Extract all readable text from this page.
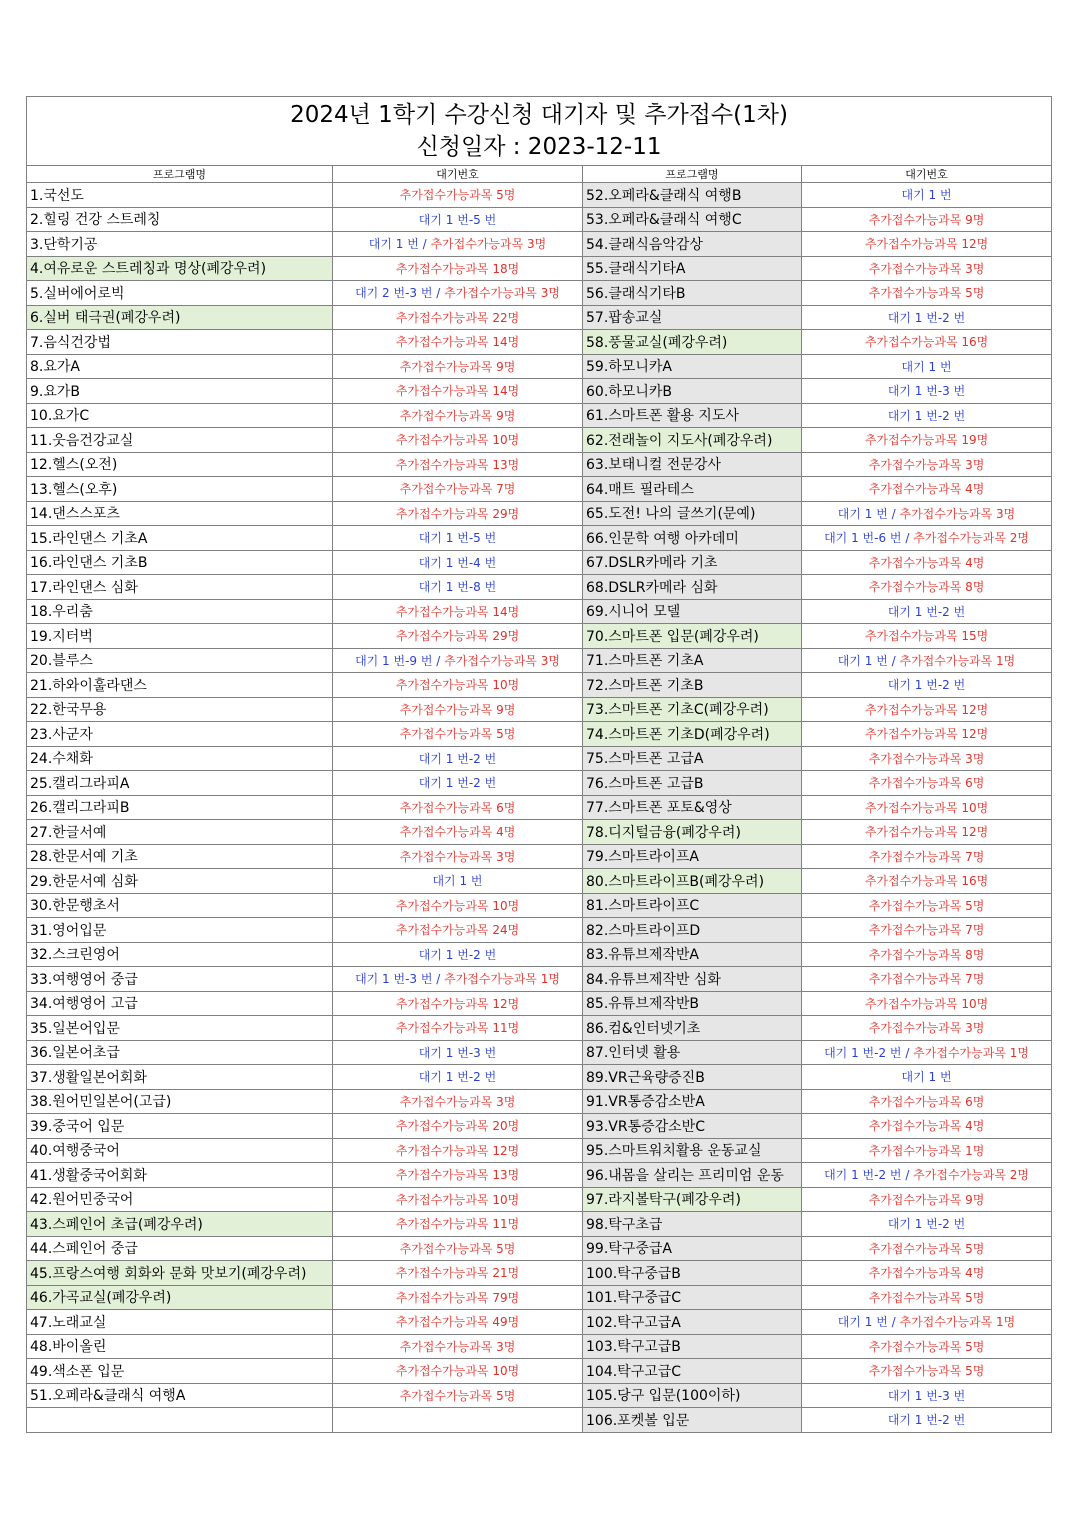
2024년 1학기 수강신청 대기자 및 추가접수(1차)
신청일자 : 2023-12-11			

프로그램명	대기번호	프로그램명	대기번호
1.국선도	추가접수가능과목 5명	52.오페라&클래식 여행B	대기 1 번
2.힐링 건강 스트레칭	대기 1 번-5 번	53.오페라&클래식 여행C	추가접수가능과목 9명
3.단학기공	대기 1 번 / 추가접수가능과목 3명	54.클래식음악감상	추가접수가능과목 12명
4.여유로운 스트레칭과 명상(폐강우려)	추가접수가능과목 18명	55.클래식기타A	추가접수가능과목 3명
5.실버에어로빅	대기 2 번-3 번 / 추가접수가능과목 3명	56.클래식기타B	추가접수가능과목 5명
6.실버 태극권(폐강우려)	추가접수가능과목 22명	57.팝송교실	대기 1 번-2 번
7.음식건강법	추가접수가능과목 14명	58.풍물교실(폐강우려)	추가접수가능과목 16명
8.요가A	추가접수가능과목 9명	59.하모니카A	대기 1 번
9.요가B	추가접수가능과목 14명	60.하모니카B	대기 1 번-3 번
10.요가C	추가접수가능과목 9명	61.스마트폰 활용 지도사	대기 1 번-2 번
11.웃음건강교실	추가접수가능과목 10명	62.전래놀이 지도사(폐강우려)	추가접수가능과목 19명
12.헬스(오전)	추가접수가능과목 13명	63.보태니컬 전문강사	추가접수가능과목 3명
13.헬스(오후)	추가접수가능과목 7명	64.매트 필라테스	추가접수가능과목 4명
14.댄스스포츠	추가접수가능과목 29명	65.도전! 나의 글쓰기(문예)	대기 1 번 / 추가접수가능과목 3명
15.라인댄스 기초A	대기 1 번-5 번	66.인문학 여행 아카데미	대기 1 번-6 번 / 추가접수가능과목 2명
16.라인댄스 기초B	대기 1 번-4 번	67.DSLR카메라 기초	추가접수가능과목 4명
17.라인댄스 심화	대기 1 번-8 번	68.DSLR카메라 심화	추가접수가능과목 8명
18.우리춤	추가접수가능과목 14명	69.시니어 모델	대기 1 번-2 번
19.지터벅	추가접수가능과목 29명	70.스마트폰 입문(폐강우려)	추가접수가능과목 15명
20.블루스	대기 1 번-9 번 / 추가접수가능과목 3명	71.스마트폰 기초A	대기 1 번 / 추가접수가능과목 1명
21.하와이훌라댄스	추가접수가능과목 10명	72.스마트폰 기초B	대기 1 번-2 번
22.한국무용	추가접수가능과목 9명	73.스마트폰 기초C(폐강우려)	추가접수가능과목 12명
23.사군자	추가접수가능과목 5명	74.스마트폰 기초D(폐강우려)	추가접수가능과목 12명
24.수채화	대기 1 번-2 번	75.스마트폰 고급A	추가접수가능과목 3명
25.캘리그라피A	대기 1 번-2 번	76.스마트폰 고급B	추가접수가능과목 6명
26.캘리그라피B	추가접수가능과목 6명	77.스마트폰 포토&영상	추가접수가능과목 10명
27.한글서예	추가접수가능과목 4명	78.디지털금융(폐강우려)	추가접수가능과목 12명
28.한문서예 기초	추가접수가능과목 3명	79.스마트라이프A	추가접수가능과목 7명
29.한문서예 심화	대기 1 번	80.스마트라이프B(폐강우려)	추가접수가능과목 16명
30.한문행초서	추가접수가능과목 10명	81.스마트라이프C	추가접수가능과목 5명
31.영어입문	추가접수가능과목 24명	82.스마트라이프D	추가접수가능과목 7명
32.스크린영어	대기 1 번-2 번	83.유튜브제작반A	추가접수가능과목 8명
33.여행영어 중급	대기 1 번-3 번 / 추가접수가능과목 1명	84.유튜브제작반 심화	추가접수가능과목 7명
34.여행영어 고급	추가접수가능과목 12명	85.유튜브제작반B	추가접수가능과목 10명
35.일본어입문	추가접수가능과목 11명	86.컴&인터넷기초	추가접수가능과목 3명
36.일본어초급	대기 1 번-3 번	87.인터넷 활용	대기 1 번-2 번 / 추가접수가능과목 1명
37.생활일본어회화	대기 1 번-2 번	89.VR근육량증진B	대기 1 번
38.원어민일본어(고급)	추가접수가능과목 3명	91.VR통증감소반A	추가접수가능과목 6명
39.중국어 입문	추가접수가능과목 20명	93.VR통증감소반C	추가접수가능과목 4명
40.여행중국어	추가접수가능과목 12명	95.스마트워치활용 운동교실	추가접수가능과목 1명
41.생활중국어회화	추가접수가능과목 13명	96.내몸을 살리는 프리미엄 운동	대기 1 번-2 번 / 추가접수가능과목 2명
42.원어민중국어	추가접수가능과목 10명	97.라지볼탁구(폐강우려)	추가접수가능과목 9명
43.스페인어 초급(폐강우려)	추가접수가능과목 11명	98.탁구초급	대기 1 번-2 번
44.스페인어 중급	추가접수가능과목 5명	99.탁구중급A	추가접수가능과목 5명
45.프랑스여행 회화와 문화 맛보기(폐강우려)	추가접수가능과목 21명	100.탁구중급B	추가접수가능과목 4명
46.가곡교실(폐강우려)	추가접수가능과목 79명	101.탁구중급C	추가접수가능과목 5명
47.노래교실	추가접수가능과목 49명	102.탁구고급A	대기 1 번 / 추가접수가능과목 1명
48.바이올린	추가접수가능과목 3명	103.탁구고급B	추가접수가능과목 5명
49.색소폰 입문	추가접수가능과목 10명	104.탁구고급C	추가접수가능과목 5명
51.오페라&클래식 여행A	추가접수가능과목 5명	105.당구 입문(100이하)	대기 1 번-3 번
		106.포켓볼 입문	대기 1 번-2 번
